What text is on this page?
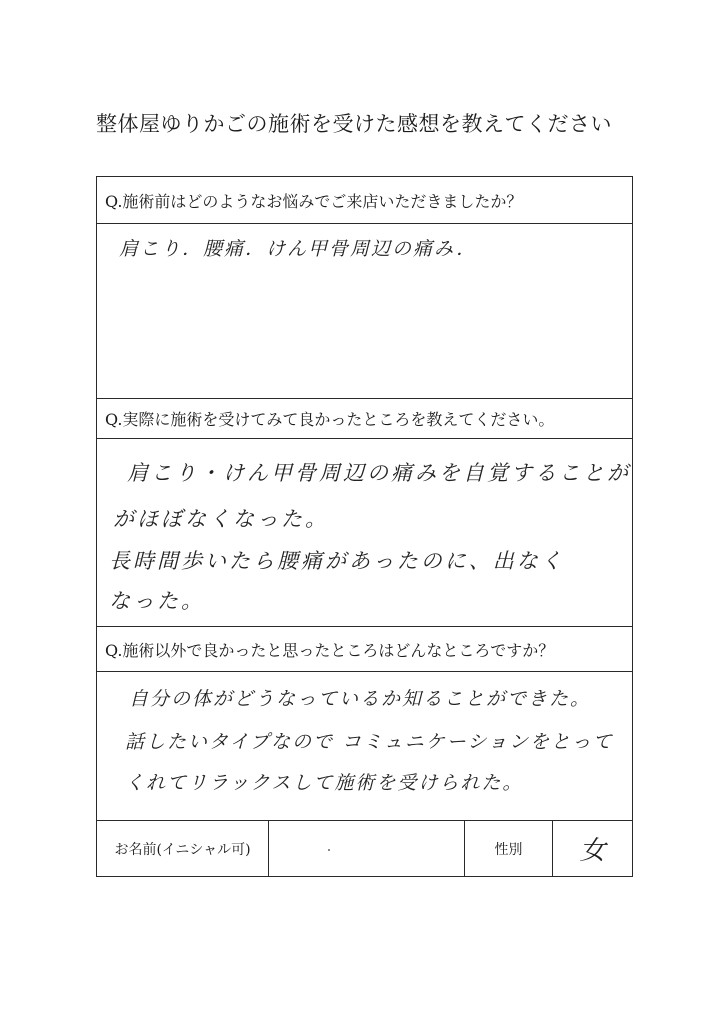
整体屋ゆりかごの施術を受けた感想を教えてください
Q.施術前はどのようなお悩みでご来店いただきましたか？
肩こり．腰痛．けん甲骨周辺の痛み．
Q.実際に施術を受けてみて良かったところを教えてください。
肩こり・けん甲骨周辺の痛みを自覚することが
がほぼなくなった。
長時間歩いたら腰痛があったのに、出なく
なった。
Q.施術以外で良かったと思ったところはどんなところですか？
自分の体がどうなっているか知ることができた。
話したいタイプなので コミュニケーションをとって
くれてリラックスして施術を受けられた。
お名前(イニシャル可)	性別	女
